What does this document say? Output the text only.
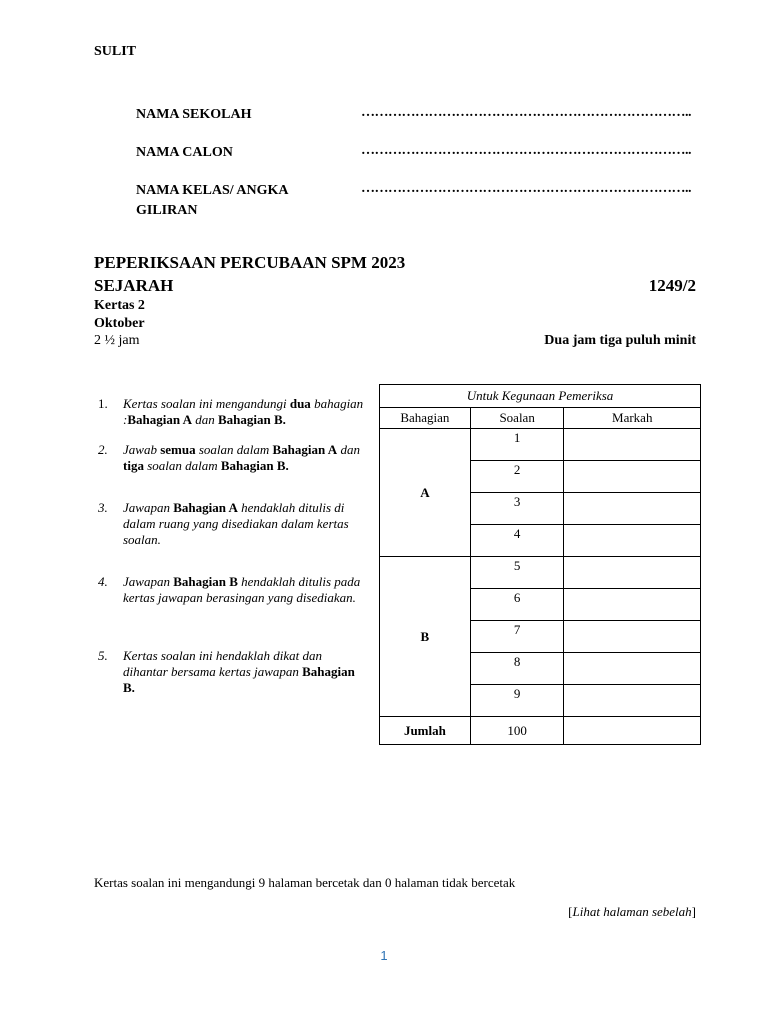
SULIT
NAMA SEKOLAH	………………………………………………………………..
NAMA CALON	………………………………………………………………..
NAMA KELAS/ ANGKA GILIRAN
………………………………………………………………..
PEPERIKSAAN PERCUBAAN SPM 2023
SEJARAH	1249/2
Kertas 2
Oktober
2 ½ jam	Dua jam tiga puluh minit
1. Kertas soalan ini mengandungi dua bahagian :Bahagian A dan Bahagian B.
2. Jawab semua soalan dalam Bahagian A dan tiga soalan dalam Bahagian B.
3. Jawapan Bahagian A hendaklah ditulis di dalam ruang yang disediakan dalam kertas soalan.
4. Jawapan Bahagian B hendaklah ditulis pada kertas jawapan berasingan yang disediakan.
5. Kertas soalan ini hendaklah dikat dan dihantar bersama kertas jawapan Bahagian B.
Untuk Kegunaan Pemeriksa		
Bahagian	Soalan	Markah
A	1	
	2	
	3	
	4	
B	5	
	6	
	7	
	8	
	9	
Jumlah	100	
Kertas soalan ini mengandungi 9 halaman bercetak dan 0 halaman tidak bercetak
[Lihat halaman sebelah]
1
